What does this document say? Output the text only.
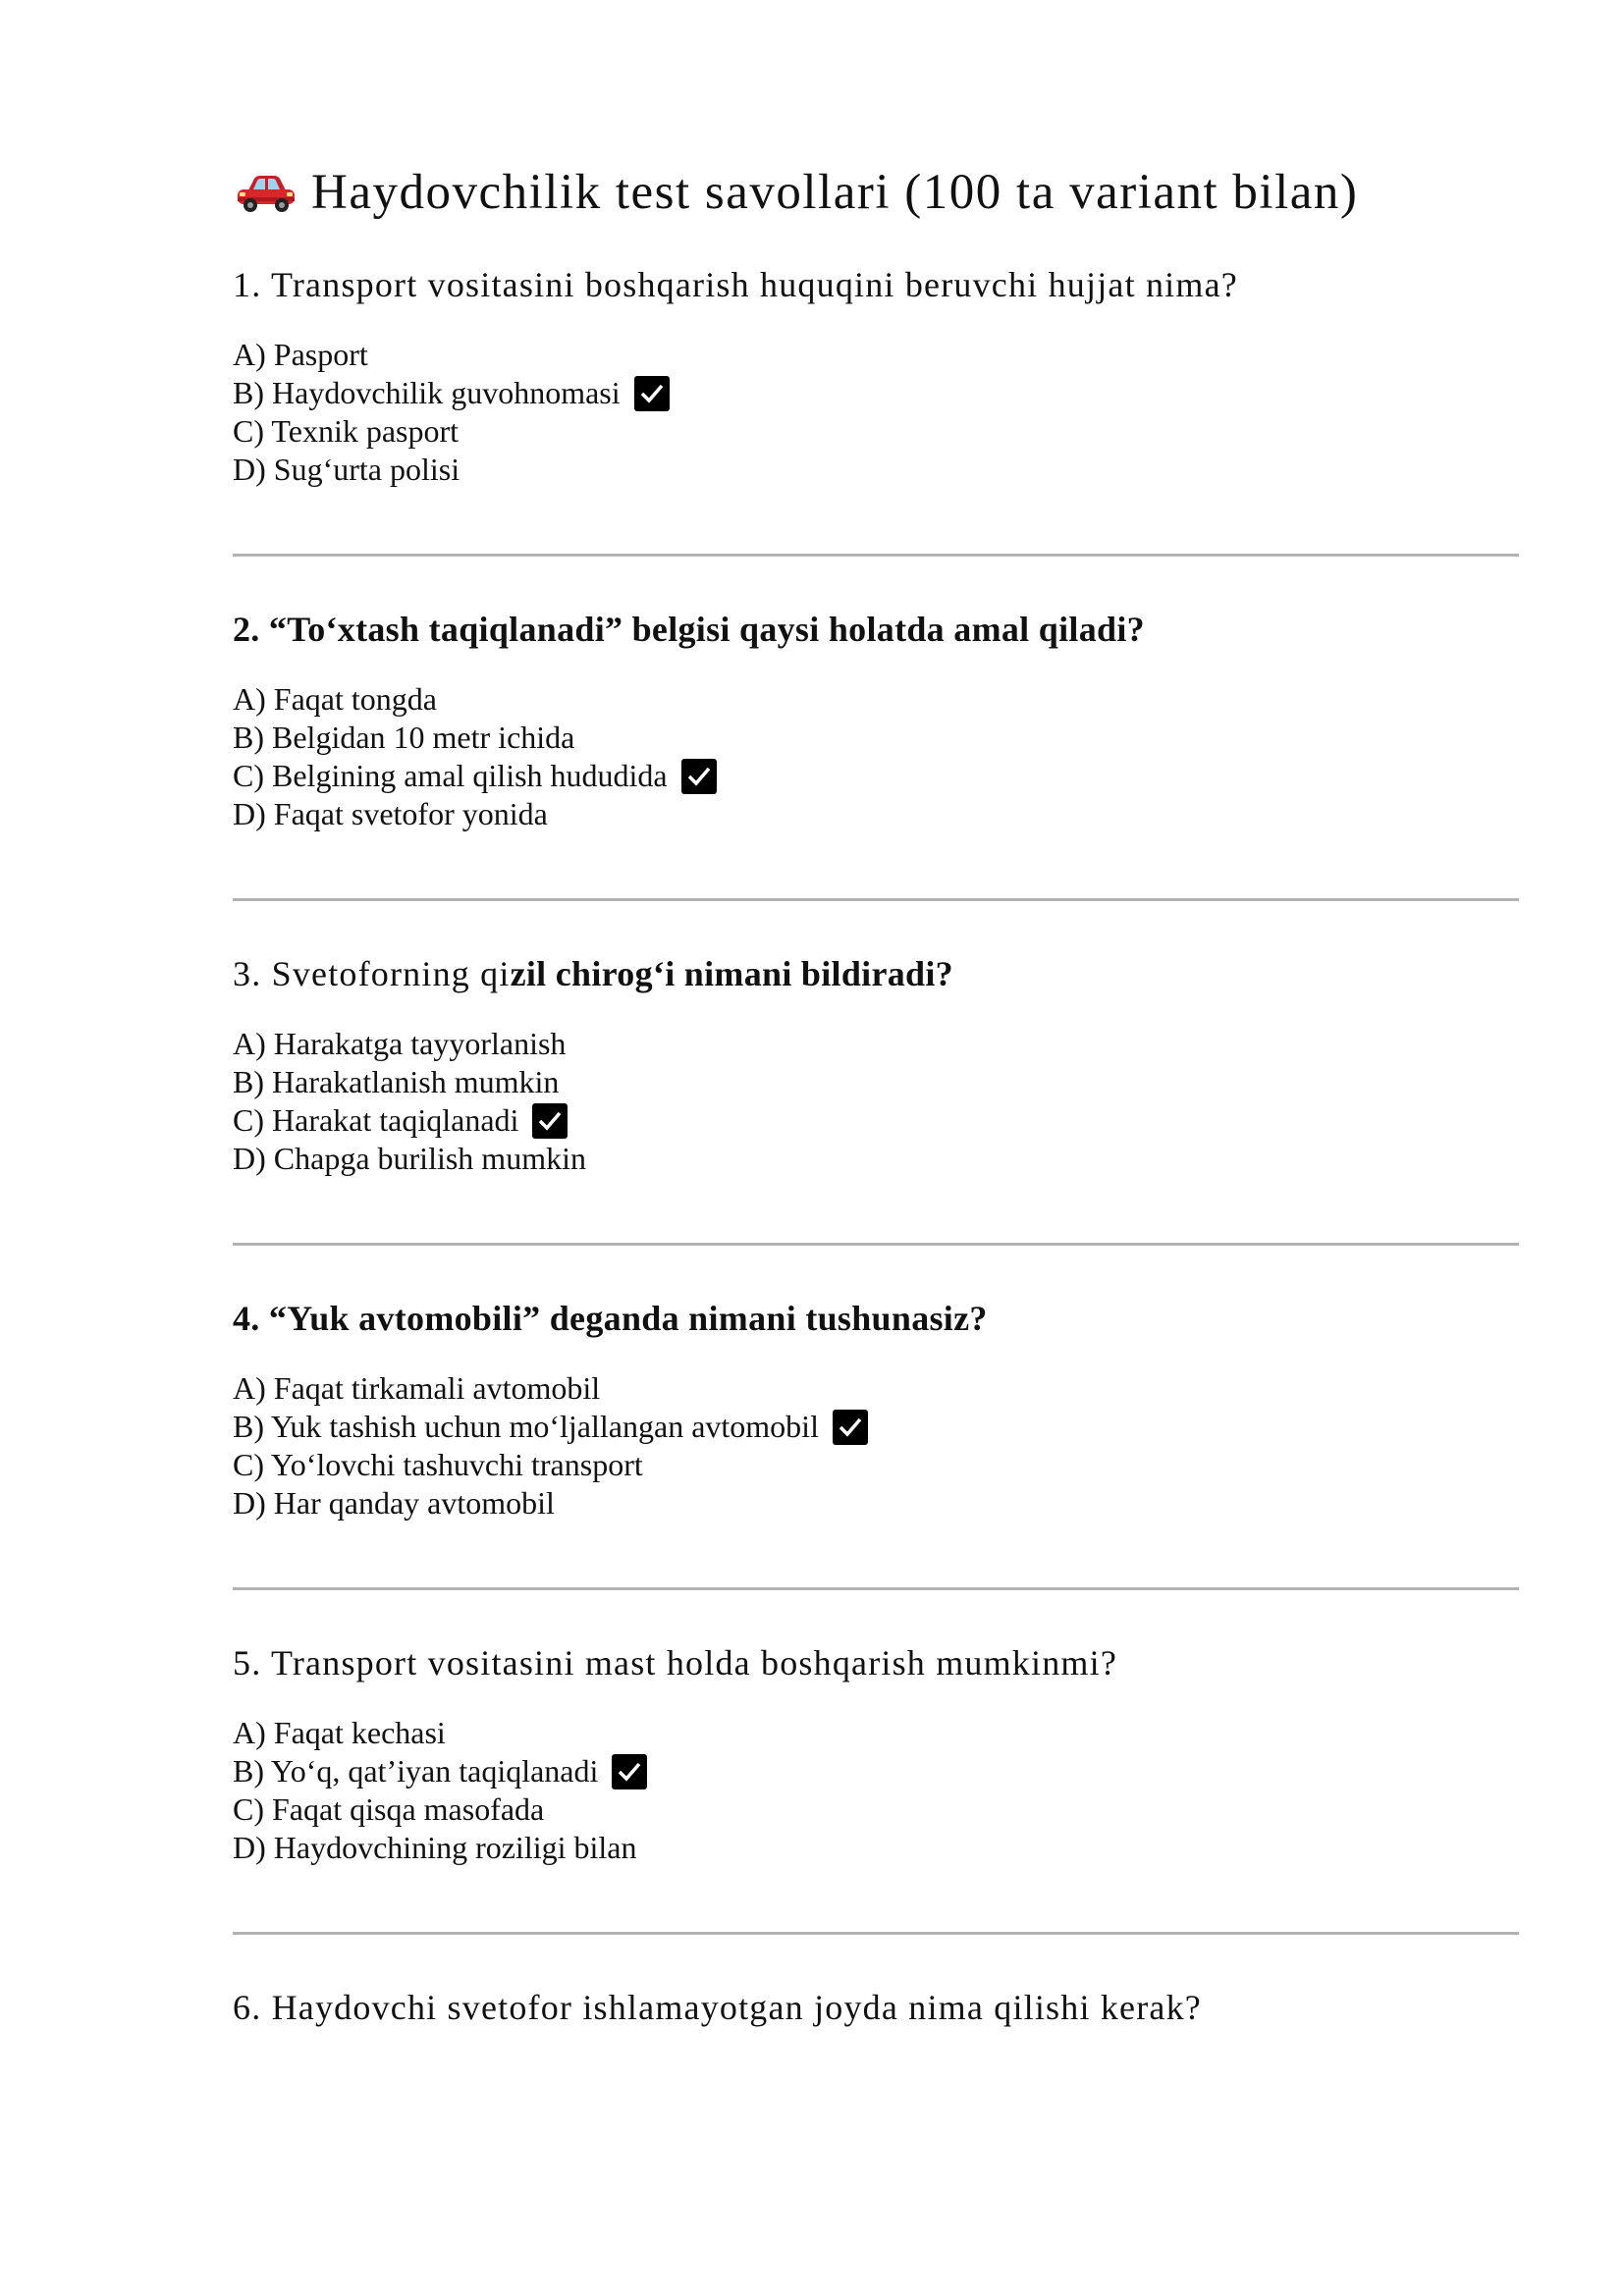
Haydovchilik test savollari (100 ta variant bilan)
1. Transport vositasini boshqarish huquqini beruvchi hujjat nima?
A) Pasport
B) Haydovchilik guvohnomasi
C) Texnik pasport
D) Sug‘urta polisi
2. “To‘xtash taqiqlanadi” belgisi qaysi holatda amal qiladi?
A) Faqat tongda
B) Belgidan 10 metr ichida
C) Belgining amal qilish hududida
D) Faqat svetofor yonida
3. Svetoforning qizil chirog‘i nimani bildiradi?
A) Harakatga tayyorlanish
B) Harakatlanish mumkin
C) Harakat taqiqlanadi
D) Chapga burilish mumkin
4. “Yuk avtomobili” deganda nimani tushunasiz?
A) Faqat tirkamali avtomobil
B) Yuk tashish uchun mo‘ljallangan avtomobil
C) Yo‘lovchi tashuvchi transport
D) Har qanday avtomobil
5. Transport vositasini mast holda boshqarish mumkinmi?
A) Faqat kechasi
B) Yo‘q, qat’iyan taqiqlanadi
C) Faqat qisqa masofada
D) Haydovchining roziligi bilan
6. Haydovchi svetofor ishlamayotgan joyda nima qilishi kerak?
